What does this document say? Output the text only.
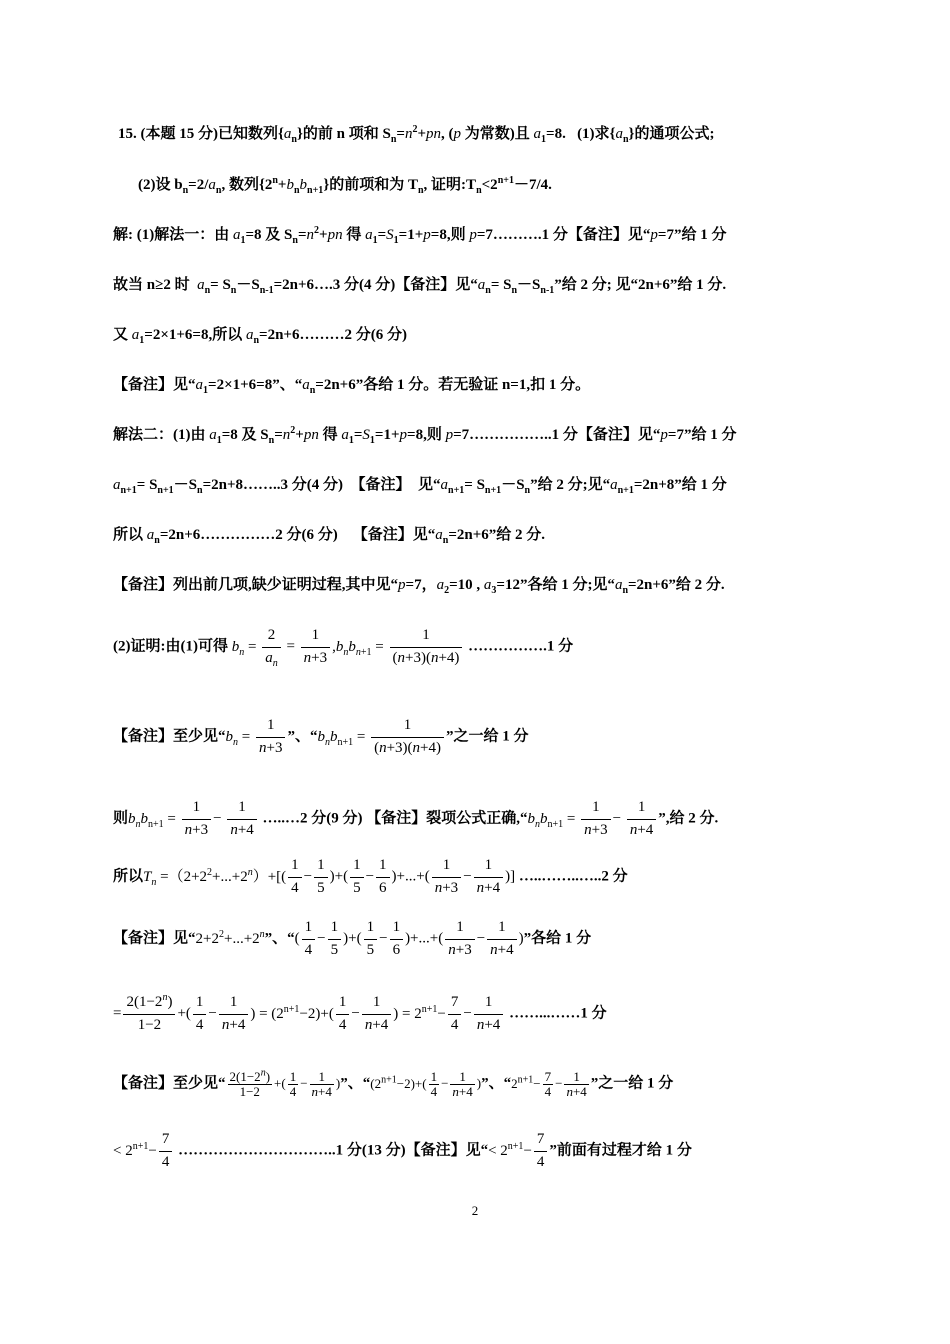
15. (本题 15 分)已知数列$\{a_n\}$的前 n 项和 $S_n=n^2+pn$, (p 为常数)且 $a_1=8$.   (1)求$\{a_n\}$的通项公式;
(2)设 $b_n=2/a_n$, 数列$\{2^n+b_nb_{n+1}\}$的前项和为 $T_n$, 证明$:T_n<2^{n+1}-7/4$.
解: (1)解法一：由 $a_1=8$ 及 $S_n=n^2+pn$ 得 $a_1=S_1=1+p=8$,则 p=7……….1 分【备注】见“p=7”给 1 分
故当 n≥2 时  $a_n=$ $S_n-S_{n-1}=2n+6\dots.3$ 分(4 分)【备注】见“$a_n= S_n-S_{n-1}$”给 2 分; 见“2n+6”给 1 分.
又 $a_1=2\times 1+6=8$,所以 $a_n=2n+6\dots\dots\dots 2$ 分(6 分)
【备注】见“$a_1=2\times 1+6=8$”、“$a_n=2n+6$”各给 1 分。若无验证 n=1,扣 1 分。
解法二：(1)由 $a_1=8$ 及 $S_n=n^2+pn$ 得 $a_1=S_1=1+p=8$,则 p=7……………..1 分【备注】见“p=7”给 1 分
$a_{n+1}=$ $S_{n+1}-S_n=2n+8\dots\dots..3$ 分(4 分)  【备注】  见“$a_{n+1}= S_{n+1}-S_n$”给 2 分;见“$a_{n+1}=2n+8$”给 1 分
所以 $a_n=2n+6\dots\dots\dots\dots\dots 2$ 分(6 分)    【备注】见“$a_n=2n+6$”给 2 分.
【备注】列出前几项,缺少证明过程,其中见“p=7，$a_2=10$ , $a_3=12$”各给 1 分;见“$a_n=2n+6$”给 2 分.
(2)证明:由(1)可得 $b_n = \frac{2}{a_n} = \frac{1}{n+3} ,b_nb_{n+1} = \frac{1}{(n+3)(n+4)}$ …………….1 分
【备注】至少见“$b_n = \frac{1}{n+3}$ ”、“$b_nb_{n+1} = \frac{1}{(n+3)(n+4)}$ ”之一给 1 分
则$b_nb_{n+1} = \frac{1}{n+3} - \frac{1}{n+4}$ …..…2 分(9 分) 【备注】裂项公式正确$,“b_nb_{n+1} = \frac{1}{n+3} - \frac{1}{n+4}$ ”,给 2 分.
所以$T_n =(2+2^2+...+2^n)+[( \frac{1}{4} - \frac{1}{5}$ )+( $\frac{1}{5} - \frac{1}{6}$ )+...+( $\frac{1}{n+3} - \frac{1}{n+4}$ )] …..……..…..2 分
【备注】见“$2+2^2+...+2^n$”、“( $\frac{1}{4} - \frac{1}{5}$ )+( $\frac{1}{5} - \frac{1}{6}$ )+...+( $\frac{1}{n+3} - \frac{1}{n+4}$ )”各给 1 分
= $\frac{2(1-2^n)}{1-2}$ +( $\frac{1}{4} - \frac{1}{n+4}$ ) = $(2^{n+1}-2)+( \frac{1}{4} - \frac{1}{n+4}$ ) = $2^{n+1}- \frac{7}{4} - \frac{1}{n+4}$ ……...……1 分
【备注】至少见“ $\frac{2(1-2^n)}{1-2}$ +( $\frac{1}{4} - \frac{1}{n+4}$ )”、“$(2^{n+1}-2)+( \frac{1}{4} - \frac{1}{n+4}$ )”、“$2^{n+1}- \frac{7}{4} - \frac{1}{n+4}$ ”之一给 1 分
< $2^{n+1}- \frac{7}{4}$ …………………………..1 分(13 分)【备注】见“< $2^{n+1}- \frac{7}{4}$ ”前面有过程才给 1 分
2
